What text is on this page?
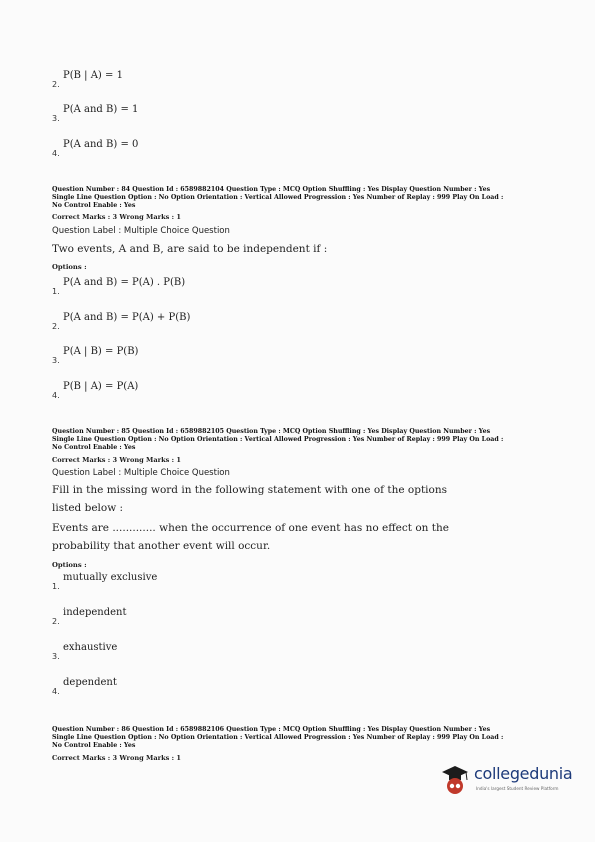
2.
P(B | A) = 1
3.
P(A and B) = 1
4.
P(A and B) = 0
Question Number : 84 Question Id : 6589882104 Question Type : MCQ Option Shuffling : Yes Display Question Number : Yes
Single Line Question Option : No Option Orientation : Vertical Allowed Progression : Yes Number of Replay : 999 Play On Load :
No Control Enable : Yes
Correct Marks : 3 Wrong Marks : 1
Question Label : Multiple Choice Question
Two events, A and B, are said to be independent if :
Options :
1.
P(A and B) = P(A) . P(B)
2.
P(A and B) = P(A) + P(B)
3.
P(A | B) = P(B)
4.
P(B | A) = P(A)
Question Number : 85 Question Id : 6589882105 Question Type : MCQ Option Shuffling : Yes Display Question Number : Yes
Single Line Question Option : No Option Orientation : Vertical Allowed Progression : Yes Number of Replay : 999 Play On Load :
No Control Enable : Yes
Correct Marks : 3 Wrong Marks : 1
Question Label : Multiple Choice Question
Fill in the missing word in the following statement with one of the options
listed below :
Events are ............. when the occurrence of one event has no effect on the
probability that another event will occur.
Options :
1.
mutually exclusive
2.
independent
3.
exhaustive
4.
dependent
Question Number : 86 Question Id : 6589882106 Question Type : MCQ Option Shuffling : Yes Display Question Number : Yes
Single Line Question Option : No Option Orientation : Vertical Allowed Progression : Yes Number of Replay : 999 Play On Load :
No Control Enable : Yes
Correct Marks : 3 Wrong Marks : 1
collegedunia
India's largest Student Review Platform
